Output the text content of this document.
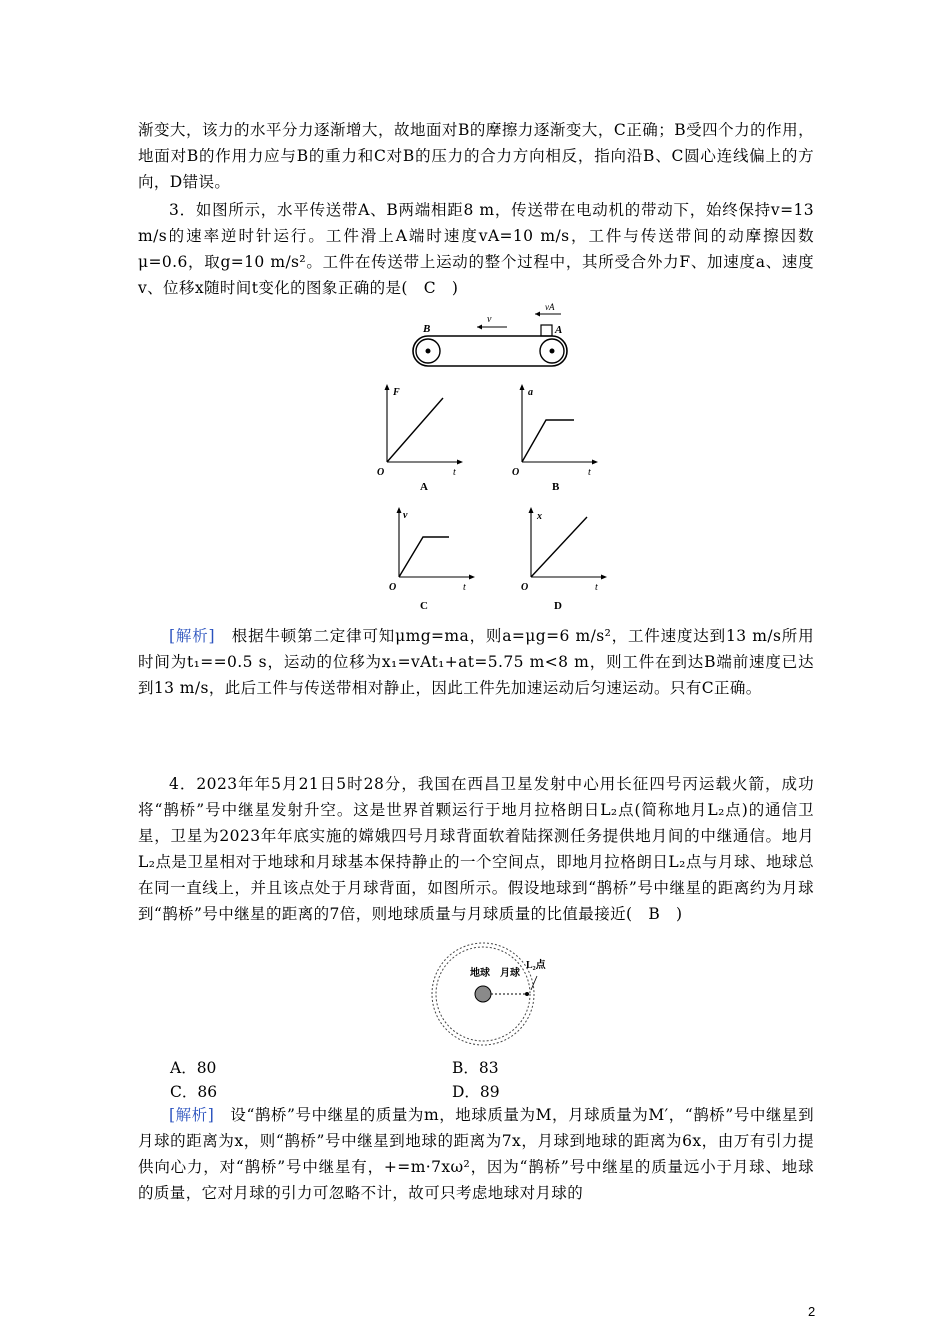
渐变大，该力的水平分力逐渐增大，故地面对B的摩擦力逐渐变大，C正确；B受四个力的作用，地面对B的作用力应与B的重力和C对B的压力的合力方向相反，指向沿B、C圆心连线偏上的方向，D错误。

3．如图所示，水平传送带A、B两端相距8 m，传送带在电动机的带动下，始终保持v=13 m/s的速率逆时针运行。工件滑上A端时速度vA=10 m/s，工件与传送带间的动摩擦因数μ=0.6，取g=10 m/s²。工件在传送带上运动的整个过程中，其所受合外力F、加速度a、速度v、位移x随时间t变化的图象正确的是(　C　)

B	A
v
vA
F
O	t
A
a
O	t
B
v
O	t
C
x
O	t
D

[解析]　根据牛顿第二定律可知μmg=ma，则a=μg=6 m/s²，工件速度达到13 m/s所用时间为t₁==0.5 s，运动的位移为x₁=vAt₁+at=5.75 m<8 m，则工件在到达B端前速度已达到13 m/s，此后工件与传送带相对静止，因此工件先加速运动后匀速运动。只有C正确。

4．2023年年5月21日5时28分，我国在西昌卫星发射中心用长征四号丙运载火箭，成功将“鹊桥”号中继星发射升空。这是世界首颗运行于地月拉格朗日L₂点(简称地月L₂点)的通信卫星，卫星为2023年年底实施的嫦娥四号月球背面软着陆探测任务提供地月间的中继通信。地月L₂点是卫星相对于地球和月球基本保持静止的一个空间点，即地月拉格朗日L₂点与月球、地球总在同一直线上，并且该点处于月球背面，如图所示。假设地球到“鹊桥”号中继星的距离约为月球到“鹊桥”号中继星的距离的7倍，则地球质量与月球质量的比值最接近(　B　)

地球 月球
L₂点
A．80	B．83
C．86	D．89

[解析]　设“鹊桥”号中继星的质量为m，地球质量为M，月球质量为M′，“鹊桥”号中继星到月球的距离为x，则“鹊桥”号中继星到地球的距离为7x，月球到地球的距离为6x，由万有引力提供向心力，对“鹊桥”号中继星有，+=m·7xω²，因为“鹊桥”号中继星的质量远小于月球、地球的质量，它对月球的引力可忽略不计，故可只考虑地球对月球的

2
